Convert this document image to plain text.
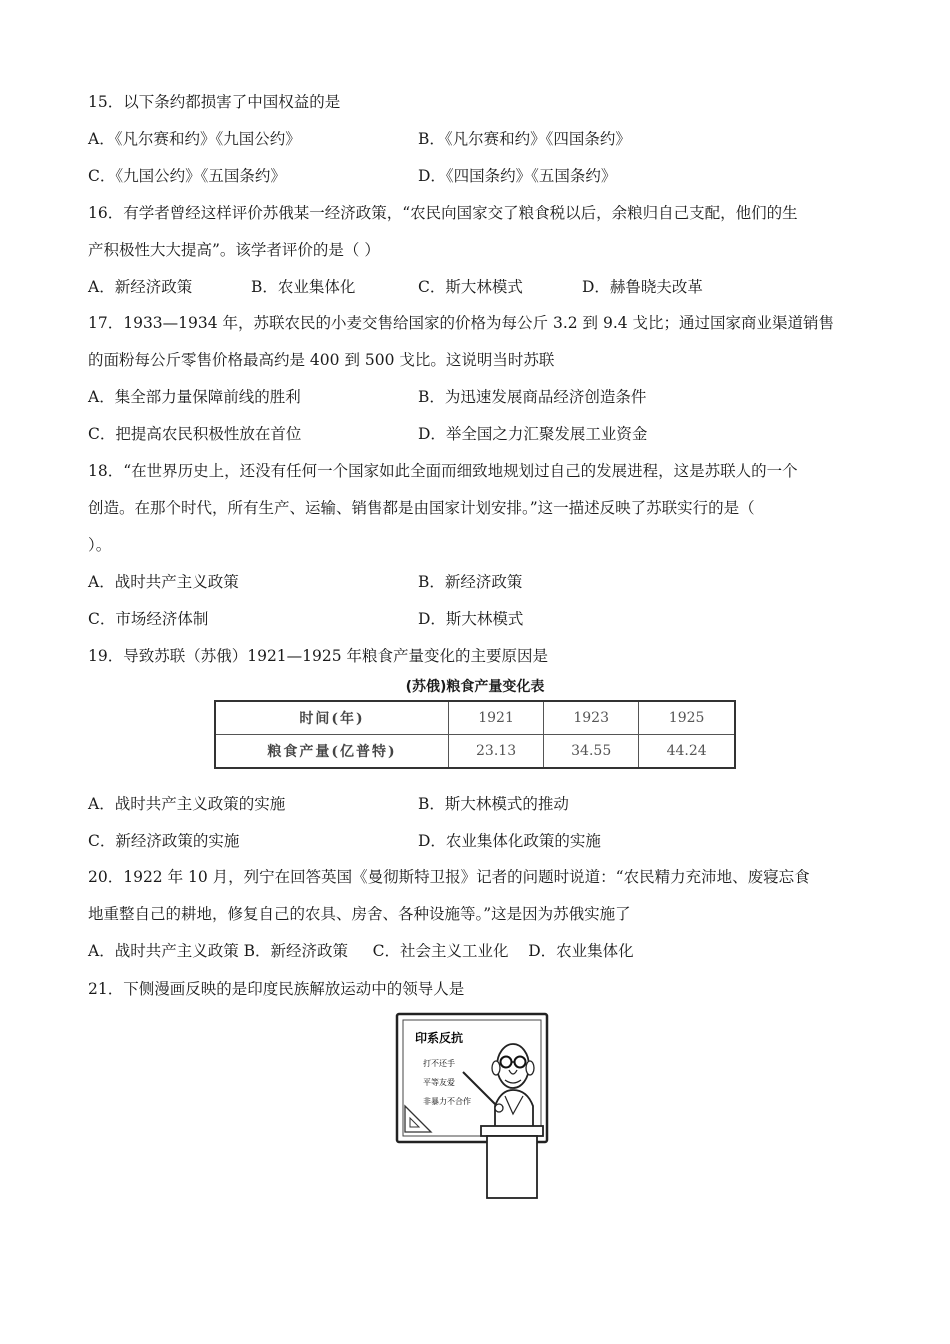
15．以下条约都损害了中国权益的是
A．《凡尔赛和约》《九国公约》	B．《凡尔赛和约》《四国条约》
C．《九国公约》《五国条约》	D．《四国条约》《五国条约》
16．有学者曾经这样评价苏俄某一经济政策，“农民向国家交了粮食税以后，余粮归自己支配，他们的生
产积极性大大提高”。该学者评价的是（ ）
A．新经济政策	B．农业集体化	C．斯大林模式	D．赫鲁晓夫改革
17．1933—1934 年，苏联农民的小麦交售给国家的价格为每公斤 3.2 到 9.4 戈比；通过国家商业渠道销售
的面粉每公斤零售价格最高约是 400 到 500 戈比。这说明当时苏联
A．集全部力量保障前线的胜利	B．为迅速发展商品经济创造条件
C．把提高农民积极性放在首位	D．举全国之力汇聚发展工业资金
18．“在世界历史上，还没有任何一个国家如此全面而细致地规划过自己的发展进程，这是苏联人的一个
创造。在那个时代，所有生产、运输、销售都是由国家计划安排。”这一描述反映了苏联实行的是（
）。
A．战时共产主义政策	B．新经济政策
C．市场经济体制	D．斯大林模式
19．导致苏联（苏俄）1921—1925 年粮食产量变化的主要原因是
(苏俄)粮食产量变化表
时间(年)	1921	1923	1925
粮食产量(亿普特)	23.13	34.55	44.24
A．战时共产主义政策的实施	B．斯大林模式的推动
C．新经济政策的实施	D．农业集体化政策的实施
20．1922 年 10 月，列宁在回答英国《曼彻斯特卫报》记者的问题时说道：“农民精力充沛地、废寝忘食
地重整自己的耕地，修复自己的农具、房舍、各种设施等。”这是因为苏俄实施了
A．战时共产主义政策 B．新经济政策     C．社会主义工业化    D．农业集体化
21．下侧漫画反映的是印度民族解放运动中的领导人是
印系反抗
打不还手
平等友爱
非暴力不合作
